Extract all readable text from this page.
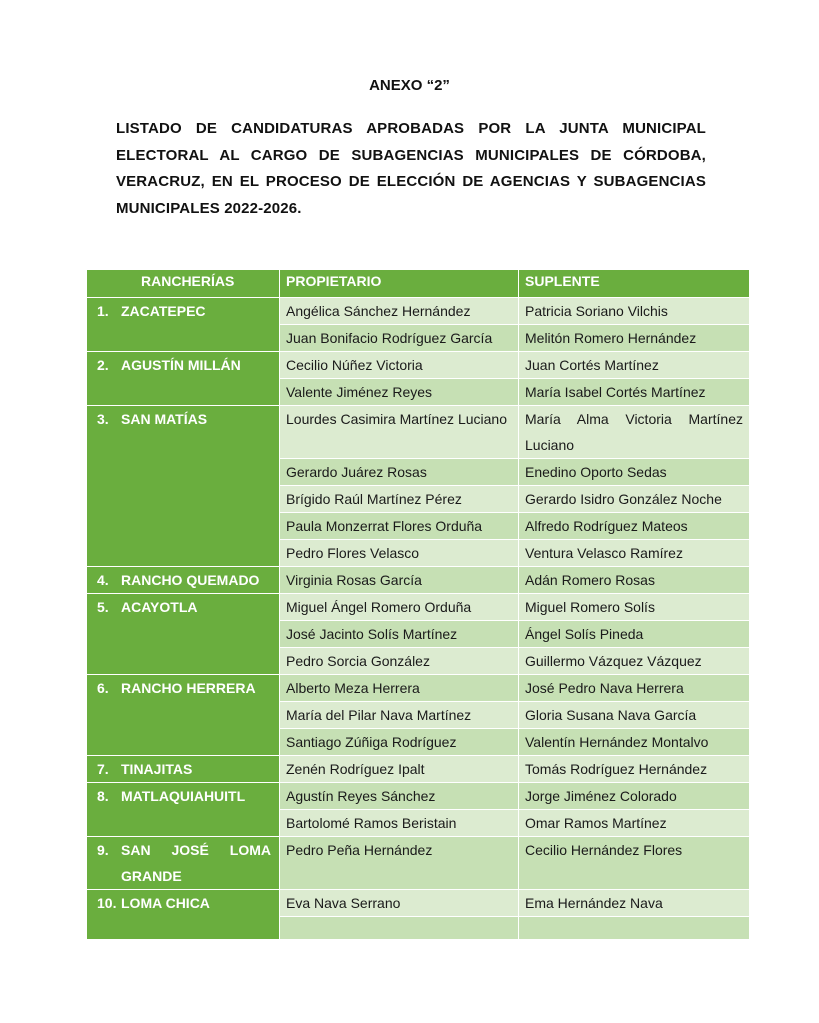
ANEXO “2”
LISTADO DE CANDIDATURAS APROBADAS POR LA JUNTA MUNICIPAL ELECTORAL AL CARGO DE SUBAGENCIAS MUNICIPALES DE CÓRDOBA, VERACRUZ, EN EL PROCESO DE ELECCIÓN DE AGENCIAS Y SUBAGENCIAS MUNICIPALES 2022-2026.
RANCHERÍAS	PROPIETARIO	SUPLENTE

1. ZACATEPEC	Angélica Sánchez Hernández	Patricia Soriano Vilchis
	Juan Bonifacio Rodríguez García	Melitón Romero Hernández

2. AGUSTÍN MILLÁN	Cecilio Núñez Victoria	Juan Cortés Martínez
	Valente Jiménez Reyes	María Isabel Cortés Martínez

3. SAN MATÍAS	Lourdes Casimira Martínez Luciano	María Alma Victoria Martínez Luciano
	Gerardo Juárez Rosas	Enedino Oporto Sedas
	Brígido Raúl Martínez Pérez	Gerardo Isidro González Noche
	Paula Monzerrat Flores Orduña	Alfredo Rodríguez Mateos
	Pedro Flores Velasco	Ventura Velasco Ramírez

4. RANCHO QUEMADO	Virginia Rosas García	Adán Romero Rosas

5. ACAYOTLA	Miguel Ángel Romero Orduña	Miguel Romero Solís
	José Jacinto Solís Martínez	Ángel Solís Pineda
	Pedro Sorcia González	Guillermo Vázquez Vázquez

6. RANCHO HERRERA	Alberto Meza Herrera	José Pedro Nava Herrera
	María del Pilar Nava Martínez	Gloria Susana Nava García
	Santiago Zúñiga Rodríguez	Valentín Hernández Montalvo

7. TINAJITAS	Zenén Rodríguez Ipalt	Tomás Rodríguez Hernández

8. MATLAQUIAHUITL	Agustín Reyes Sánchez	Jorge Jiménez Colorado
	Bartolomé Ramos Beristain	Omar Ramos Martínez

9. SAN JOSÉ LOMA GRANDE	Pedro Peña Hernández	Cecilio Hernández Flores

10. LOMA CHICA	Eva Nava Serrano	Ema Hernández Nava
